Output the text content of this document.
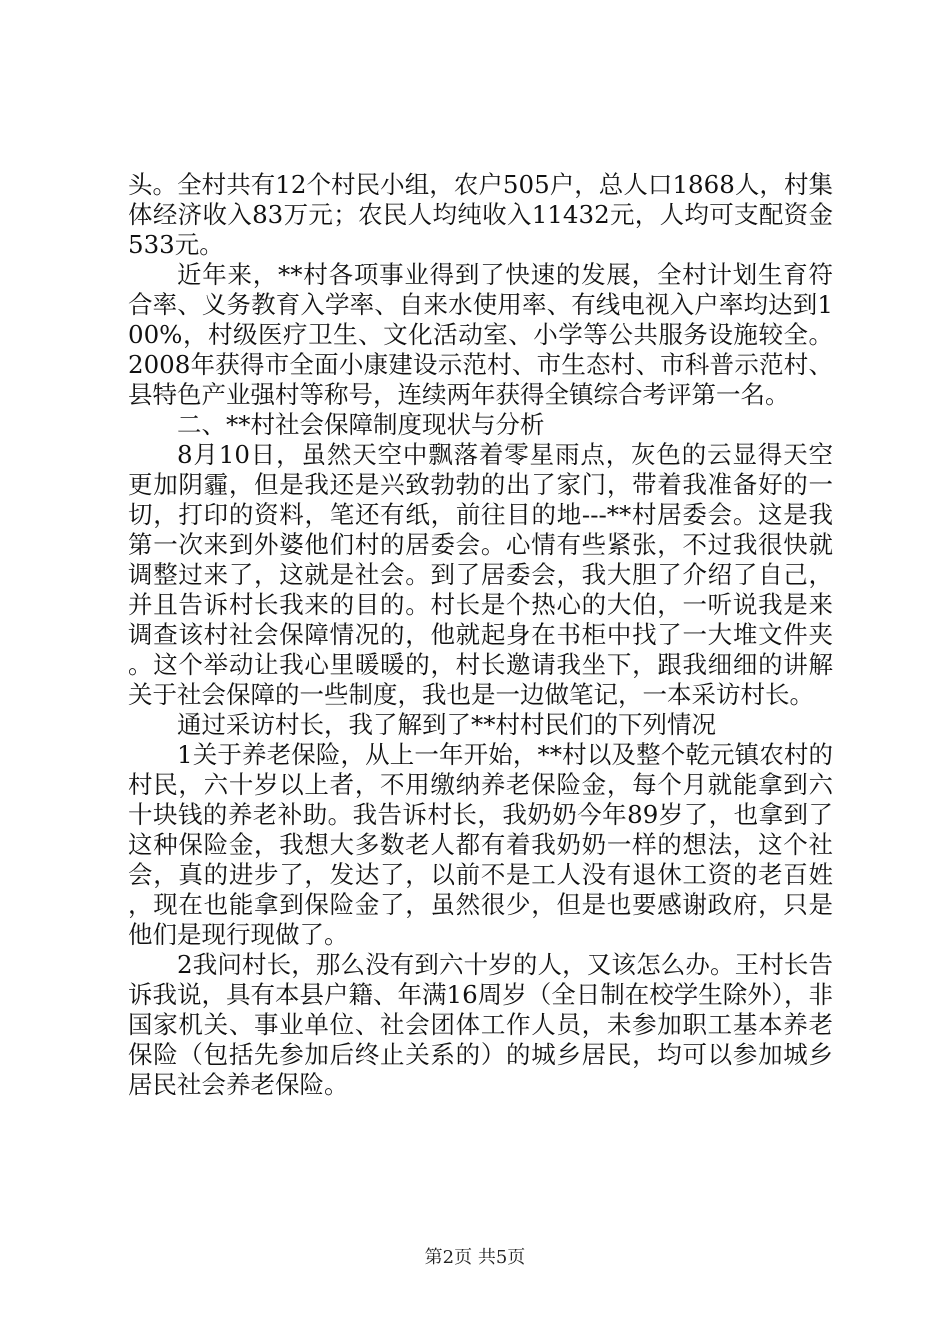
头。全村共有12个村民小组，农户505户，总人口1868人，村集体经济收入83万元；农民人均纯收入11432元，人均可支配资金533元。

近年来，**村各项事业得到了快速的发展，全村计划生育符合率、义务教育入学率、自来水使用率、有线电视入户率均达到100%，村级医疗卫生、文化活动室、小学等公共服务设施较全。2008年获得市全面小康建设示范村、市生态村、市科普示范村、县特色产业强村等称号，连续两年获得全镇综合考评第一名。

二、**村社会保障制度现状与分析

8月10日，虽然天空中飘落着零星雨点，灰色的云显得天空更加阴霾，但是我还是兴致勃勃的出了家门，带着我准备好的一切，打印的资料，笔还有纸，前往目的地---**村居委会。这是我第一次来到外婆他们村的居委会。心情有些紧张，不过我很快就调整过来了，这就是社会。到了居委会，我大胆了介绍了自己，并且告诉村长我来的目的。村长是个热心的大伯，一听说我是来调查该村社会保障情况的，他就起身在书柜中找了一大堆文件夹。这个举动让我心里暖暖的，村长邀请我坐下，跟我细细的讲解关于社会保障的一些制度，我也是一边做笔记，一本采访村长。

通过采访村长，我了解到了**村村民们的下列情况

1关于养老保险，从上一年开始，**村以及整个乾元镇农村的村民，六十岁以上者，不用缴纳养老保险金，每个月就能拿到六十块钱的养老补助。我告诉村长，我奶奶今年89岁了，也拿到了这种保险金，我想大多数老人都有着我奶奶一样的想法，这个社会，真的进步了，发达了，以前不是工人没有退休工资的老百姓，现在也能拿到保险金了，虽然很少，但是也要感谢政府，只是他们是现行现做了。

2我问村长，那么没有到六十岁的人，又该怎么办。王村长告诉我说，具有本县户籍、年满16周岁（全日制在校学生除外），非国家机关、事业单位、社会团体工作人员，未参加职工基本养老保险（包括先参加后终止关系的）的城乡居民，均可以参加城乡居民社会养老保险。

第2页 共5页
